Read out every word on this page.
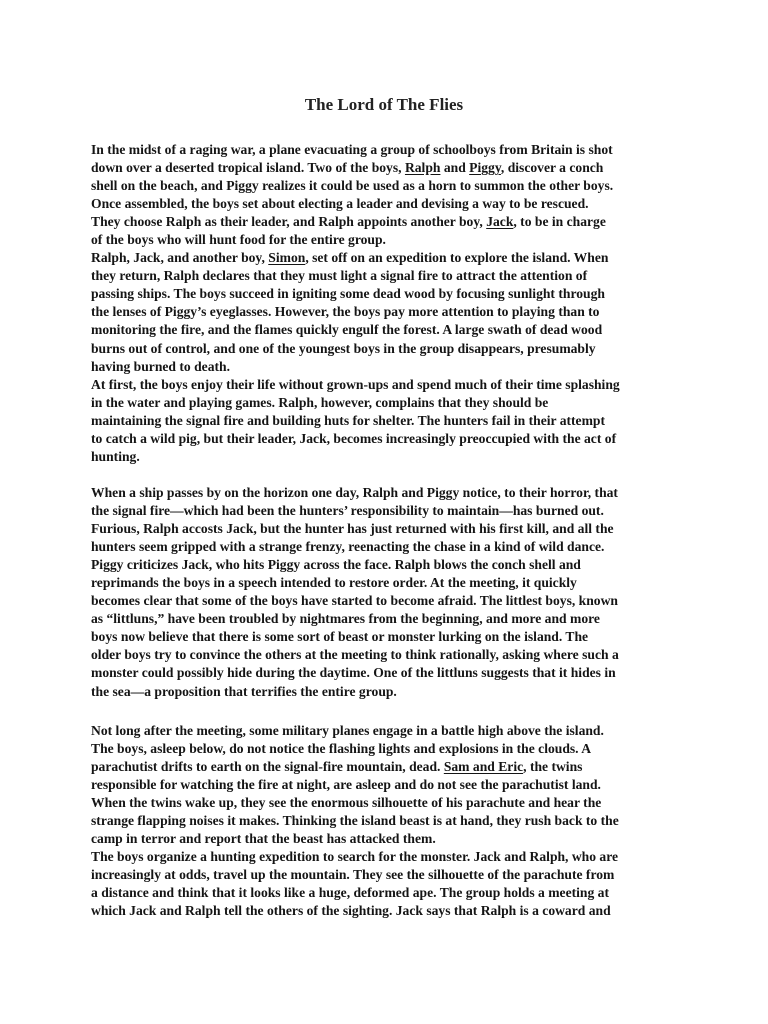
The Lord of The Flies
In the midst of a raging war, a plane evacuating a group of schoolboys from Britain is shot
down over a deserted tropical island. Two of the boys, Ralph and Piggy, discover a conch
shell on the beach, and Piggy realizes it could be used as a horn to summon the other boys.
Once assembled, the boys set about electing a leader and devising a way to be rescued.
They choose Ralph as their leader, and Ralph appoints another boy, Jack, to be in charge
of the boys who will hunt food for the entire group.
Ralph, Jack, and another boy, Simon, set off on an expedition to explore the island. When
they return, Ralph declares that they must light a signal fire to attract the attention of
passing ships. The boys succeed in igniting some dead wood by focusing sunlight through
the lenses of Piggy’s eyeglasses. However, the boys pay more attention to playing than to
monitoring the fire, and the flames quickly engulf the forest. A large swath of dead wood
burns out of control, and one of the youngest boys in the group disappears, presumably
having burned to death.
At first, the boys enjoy their life without grown-ups and spend much of their time splashing
in the water and playing games. Ralph, however, complains that they should be
maintaining the signal fire and building huts for shelter. The hunters fail in their attempt
to catch a wild pig, but their leader, Jack, becomes increasingly preoccupied with the act of
hunting.
When a ship passes by on the horizon one day, Ralph and Piggy notice, to their horror, that
the signal fire—which had been the hunters’ responsibility to maintain—has burned out.
Furious, Ralph accosts Jack, but the hunter has just returned with his first kill, and all the
hunters seem gripped with a strange frenzy, reenacting the chase in a kind of wild dance.
Piggy criticizes Jack, who hits Piggy across the face. Ralph blows the conch shell and
reprimands the boys in a speech intended to restore order. At the meeting, it quickly
becomes clear that some of the boys have started to become afraid. The littlest boys, known
as “littluns,” have been troubled by nightmares from the beginning, and more and more
boys now believe that there is some sort of beast or monster lurking on the island. The
older boys try to convince the others at the meeting to think rationally, asking where such a
monster could possibly hide during the daytime. One of the littluns suggests that it hides in
the sea—a proposition that terrifies the entire group.
Not long after the meeting, some military planes engage in a battle high above the island.
The boys, asleep below, do not notice the flashing lights and explosions in the clouds. A
parachutist drifts to earth on the signal-fire mountain, dead. Sam and Eric, the twins
responsible for watching the fire at night, are asleep and do not see the parachutist land.
When the twins wake up, they see the enormous silhouette of his parachute and hear the
strange flapping noises it makes. Thinking the island beast is at hand, they rush back to the
camp in terror and report that the beast has attacked them.
The boys organize a hunting expedition to search for the monster. Jack and Ralph, who are
increasingly at odds, travel up the mountain. They see the silhouette of the parachute from
a distance and think that it looks like a huge, deformed ape. The group holds a meeting at
which Jack and Ralph tell the others of the sighting. Jack says that Ralph is a coward and
